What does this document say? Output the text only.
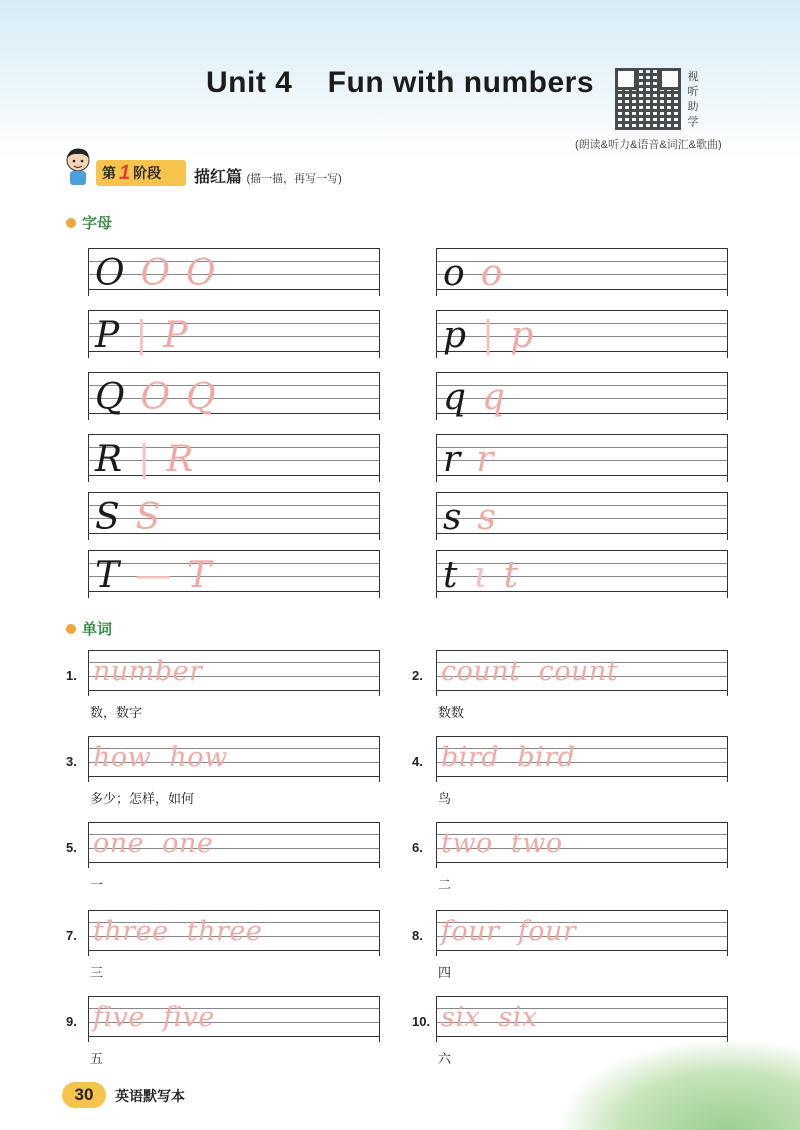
Unit 4    Fun with numbers	视
听
助
学
(朗读&听力&语音&词汇&歌曲)
第 1 阶段 描红篇 (描一描，再写一写)
字母
O O O	o o
P | P	p | p
Q O Q	q q
R | R	r r
S S	s s
T — T	t ι t
单词
1. number
数，数字
2. count  count
数数
3. how  how
多少；怎样，如何
4. bird  bird
鸟
5. one  one
一
6. two  two
二
7. three  three
三
8. four  four
四
9. five  five
五
10. six  six
六
30	英语默写本
